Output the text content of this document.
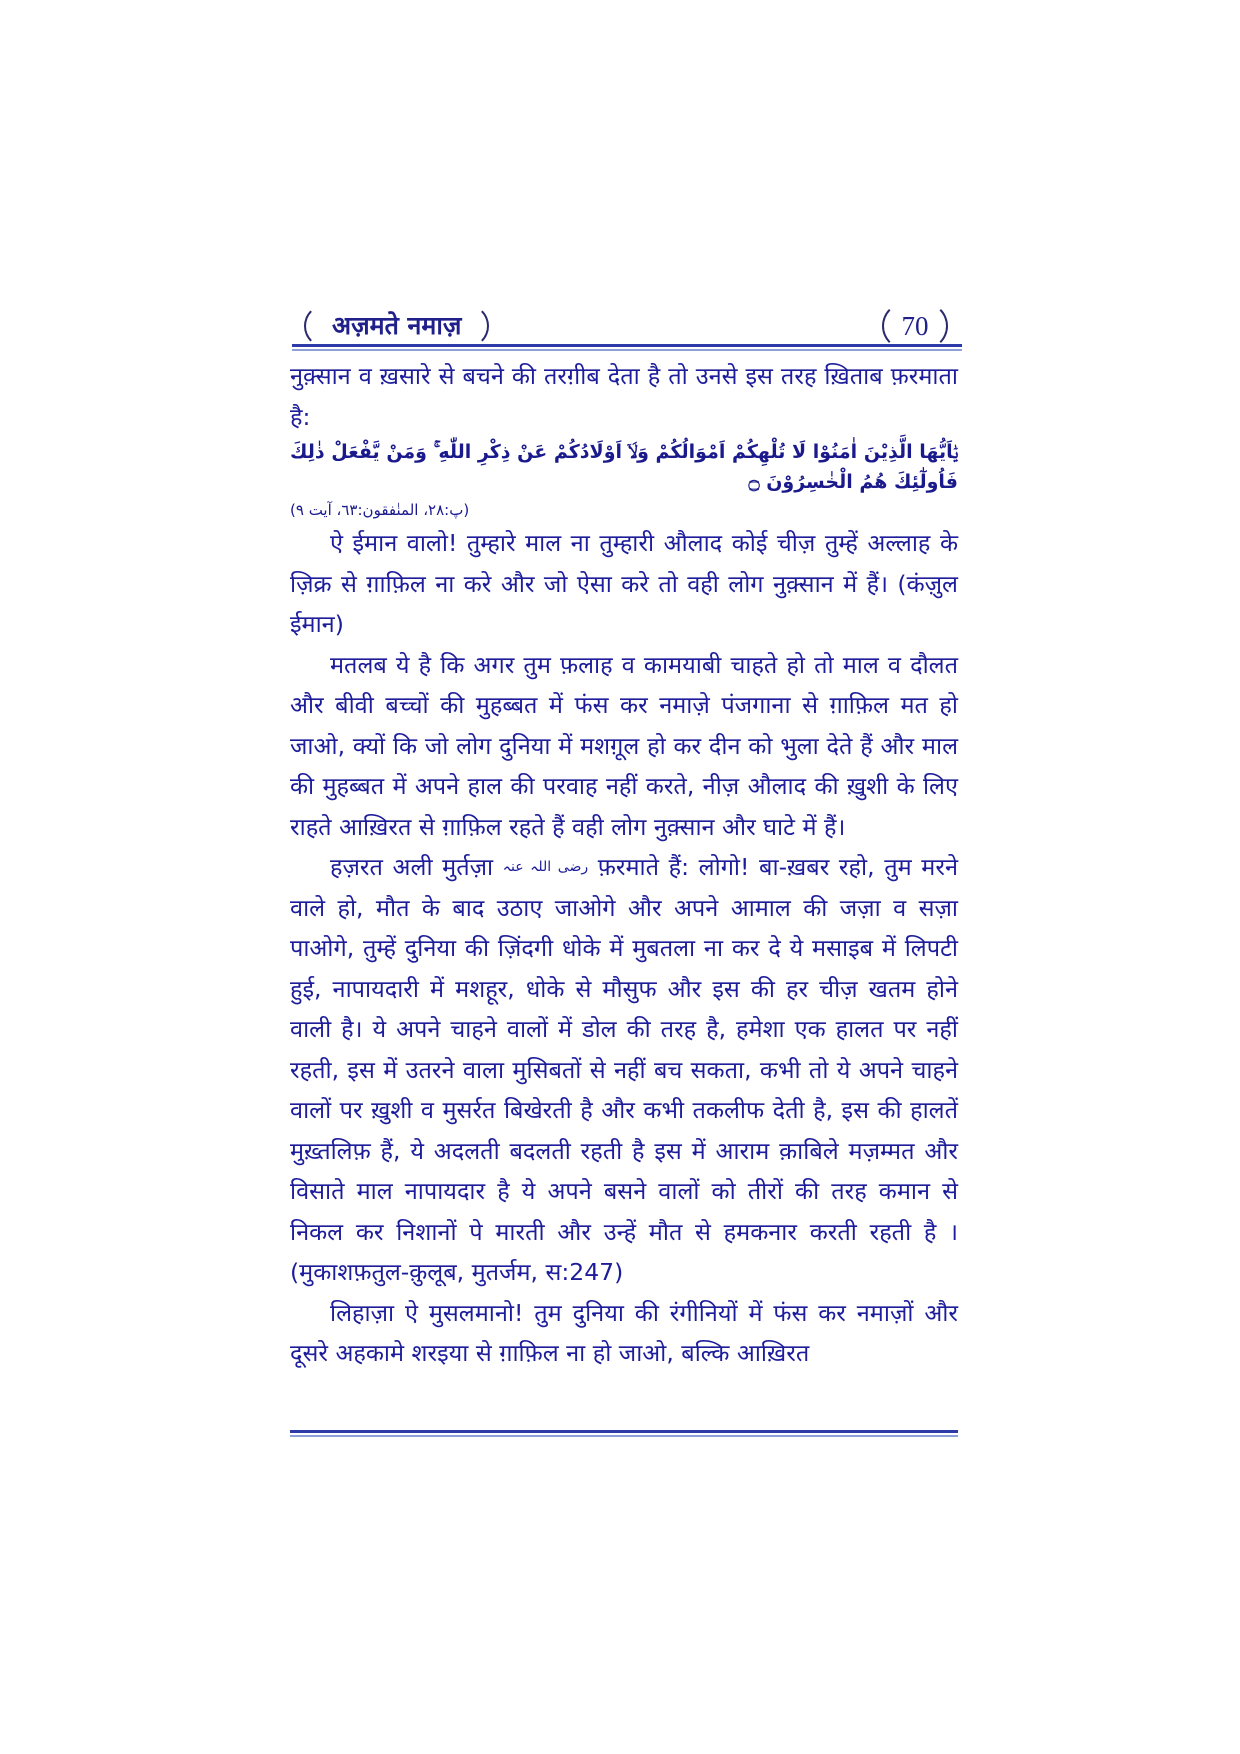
अज़मते नमाज़	70

नुक़्सान व ख़सारे से बचने की तरग़ीब देता है तो उनसे इस तरह ख़िताब फ़रमाता है:

يٰۤاَيُّهَا الَّذِيْنَ اٰمَنُوْا لَا تُلْهِكُمْ اَمْوَالُكُمْ وَلَاۤ اَوْلَادُكُمْ عَنْ ذِكْرِ اللّٰهِ ۚ وَمَنْ يَّفْعَلْ ذٰلِكَ فَاُولٰٓئِكَ هُمُ الْخٰسِرُوْنَ ۝

(پ:٢٨، المنٰفقون:٦٣، آیت ٩)

ऐ ईमान वालो! तुम्हारे माल ना तुम्हारी औलाद कोई चीज़ तुम्हें अल्लाह के ज़िक्र से ग़ाफ़िल ना करे और जो ऐसा करे तो वही लोग नुक़्सान में हैं। (कंज़ुल ईमान)

मतलब ये है कि अगर तुम फ़लाह व कामयाबी चाहते हो तो माल व दौलत और बीवी बच्चों की मुहब्बत में फंस कर नमाज़े पंजगाना से ग़ाफ़िल मत हो जाओ, क्यों कि जो लोग दुनिया में मशग़ूल हो कर दीन को भुला देते हैं और माल की मुहब्बत में अपने हाल की परवाह नहीं करते, नीज़ औलाद की ख़ुशी के लिए राहते आख़िरत से ग़ाफ़िल रहते हैं वही लोग नुक़्सान और घाटे में हैं।

हज़रत अली मुर्तज़ा رضی اللہ عنہ फ़रमाते हैं: लोगो! बा-ख़बर रहो, तुम मरने वाले हो, मौत के बाद उठाए जाओगे और अपने आमाल की जज़ा व सज़ा पाओगे, तुम्हें दुनिया की ज़िंदगी धोके में मुबतला ना कर दे ये मसाइब में लिपटी हुई, नापायदारी में मशहूर, धोके से मौसुफ और इस की हर चीज़ खतम होने वाली है। ये अपने चाहने वालों में डोल की तरह है, हमेशा एक हालत पर नहीं रहती, इस में उतरने वाला मुसिबतों से नहीं बच सकता, कभी तो ये अपने चाहने वालों पर ख़ुशी व मुसर्रत बिखेरती है और कभी तकलीफ देती है, इस की हालतें मुख़्तलिफ़ हैं, ये अदलती बदलती रहती है इस में आराम क़ाबिले मज़म्मत और विसाते माल नापायदार है ये अपने बसने वालों को तीरों की तरह कमान से निकल कर निशानों पे मारती और उन्हें मौत से हमकनार करती रहती है ।(मुकाशफ़तुल-क़ुलूब, मुतर्जम, स:247)

लिहाज़ा ऐ मुसलमानो! तुम दुनिया की रंगीनियों में फंस कर नमाज़ों और दूसरे अहकामे शरइया से ग़ाफ़िल ना हो जाओ, बल्कि आख़िरत
